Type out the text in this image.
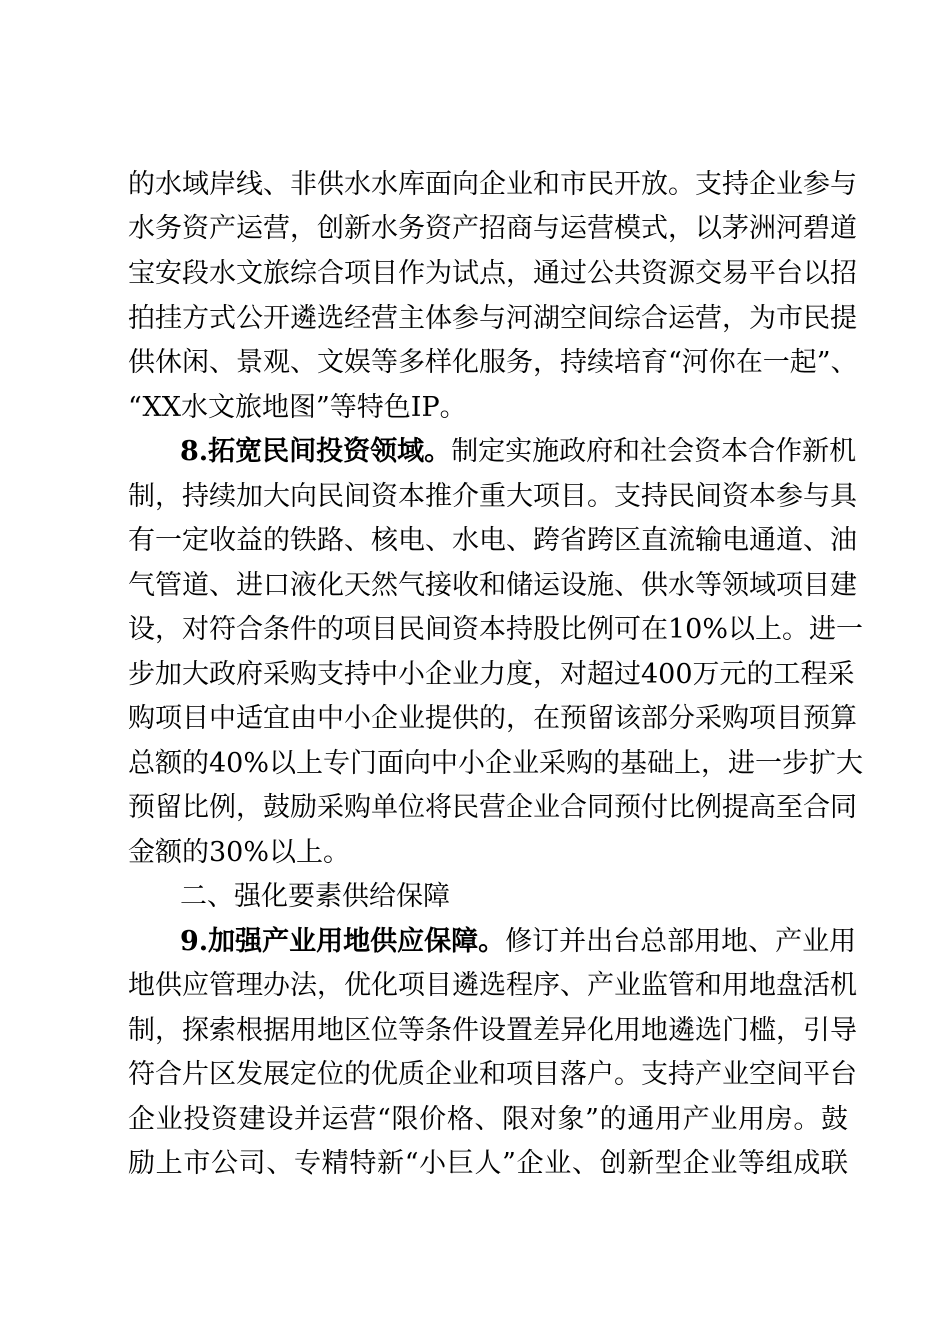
的水域岸线、非供水水库面向企业和市民开放。支持企业参与
水务资产运营，创新水务资产招商与运营模式，以茅洲河碧道
宝安段水文旅综合项目作为试点，通过公共资源交易平台以招
拍挂方式公开遴选经营主体参与河湖空间综合运营，为市民提
供休闲、景观、文娱等多样化服务，持续培育“河你在一起”、
“XX水文旅地图”等特色IP。
8.拓宽民间投资领域。制定实施政府和社会资本合作新机
制，持续加大向民间资本推介重大项目。支持民间资本参与具
有一定收益的铁路、核电、水电、跨省跨区直流输电通道、油
气管道、进口液化天然气接收和储运设施、供水等领域项目建
设，对符合条件的项目民间资本持股比例可在10%以上。进一
步加大政府采购支持中小企业力度，对超过400万元的工程采
购项目中适宜由中小企业提供的，在预留该部分采购项目预算
总额的40%以上专门面向中小企业采购的基础上，进一步扩大
预留比例，鼓励采购单位将民营企业合同预付比例提高至合同
金额的30%以上。
二、强化要素供给保障
9.加强产业用地供应保障。修订并出台总部用地、产业用
地供应管理办法，优化项目遴选程序、产业监管和用地盘活机
制，探索根据用地区位等条件设置差异化用地遴选门槛，引导
符合片区发展定位的优质企业和项目落户。支持产业空间平台
企业投资建设并运营“限价格、限对象”的通用产业用房。鼓
励上市公司、专精特新“小巨人”企业、创新型企业等组成联
